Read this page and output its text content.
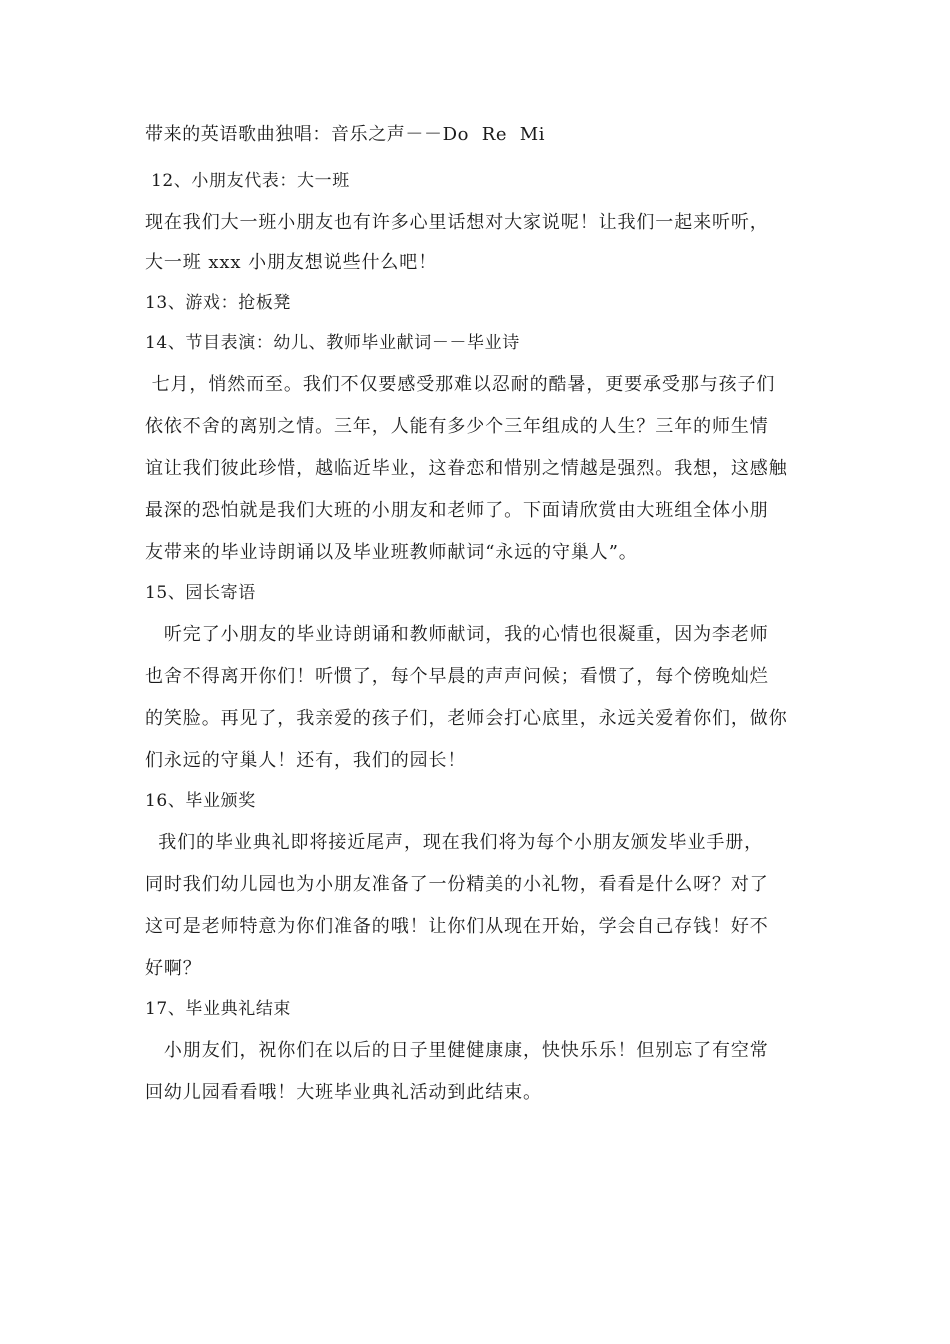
带来的英语歌曲独唱：音乐之声－－Do  Re  Mi
12、小朋友代表：大一班
现在我们大一班小朋友也有许多心里话想对大家说呢！让我们一起来听听，
大一班 xxx 小朋友想说些什么吧！
13、游戏：抢板凳
14、节目表演：幼儿、教师毕业献词－－毕业诗
七月，悄然而至。我们不仅要感受那难以忍耐的酷暑，更要承受那与孩子们
依依不舍的离别之情。三年，人能有多少个三年组成的人生？三年的师生情
谊让我们彼此珍惜，越临近毕业，这眷恋和惜别之情越是强烈。我想，这感触
最深的恐怕就是我们大班的小朋友和老师了。下面请欣赏由大班组全体小朋
友带来的毕业诗朗诵以及毕业班教师献词“永远的守巢人”。
15、园长寄语
　听完了小朋友的毕业诗朗诵和教师献词，我的心情也很凝重，因为李老师
也舍不得离开你们！听惯了，每个早晨的声声问候；看惯了，每个傍晚灿烂
的笑脸。再见了，我亲爱的孩子们，老师会打心底里，永远关爱着你们，做你
们永远的守巢人！还有，我们的园长！
16、毕业颁奖
我们的毕业典礼即将接近尾声，现在我们将为每个小朋友颁发毕业手册，
同时我们幼儿园也为小朋友准备了一份精美的小礼物，看看是什么呀？对了
这可是老师特意为你们准备的哦！让你们从现在开始，学会自己存钱！好不
好啊？
17、毕业典礼结束
　小朋友们，祝你们在以后的日子里健健康康，快快乐乐！但别忘了有空常
回幼儿园看看哦！大班毕业典礼活动到此结束。
